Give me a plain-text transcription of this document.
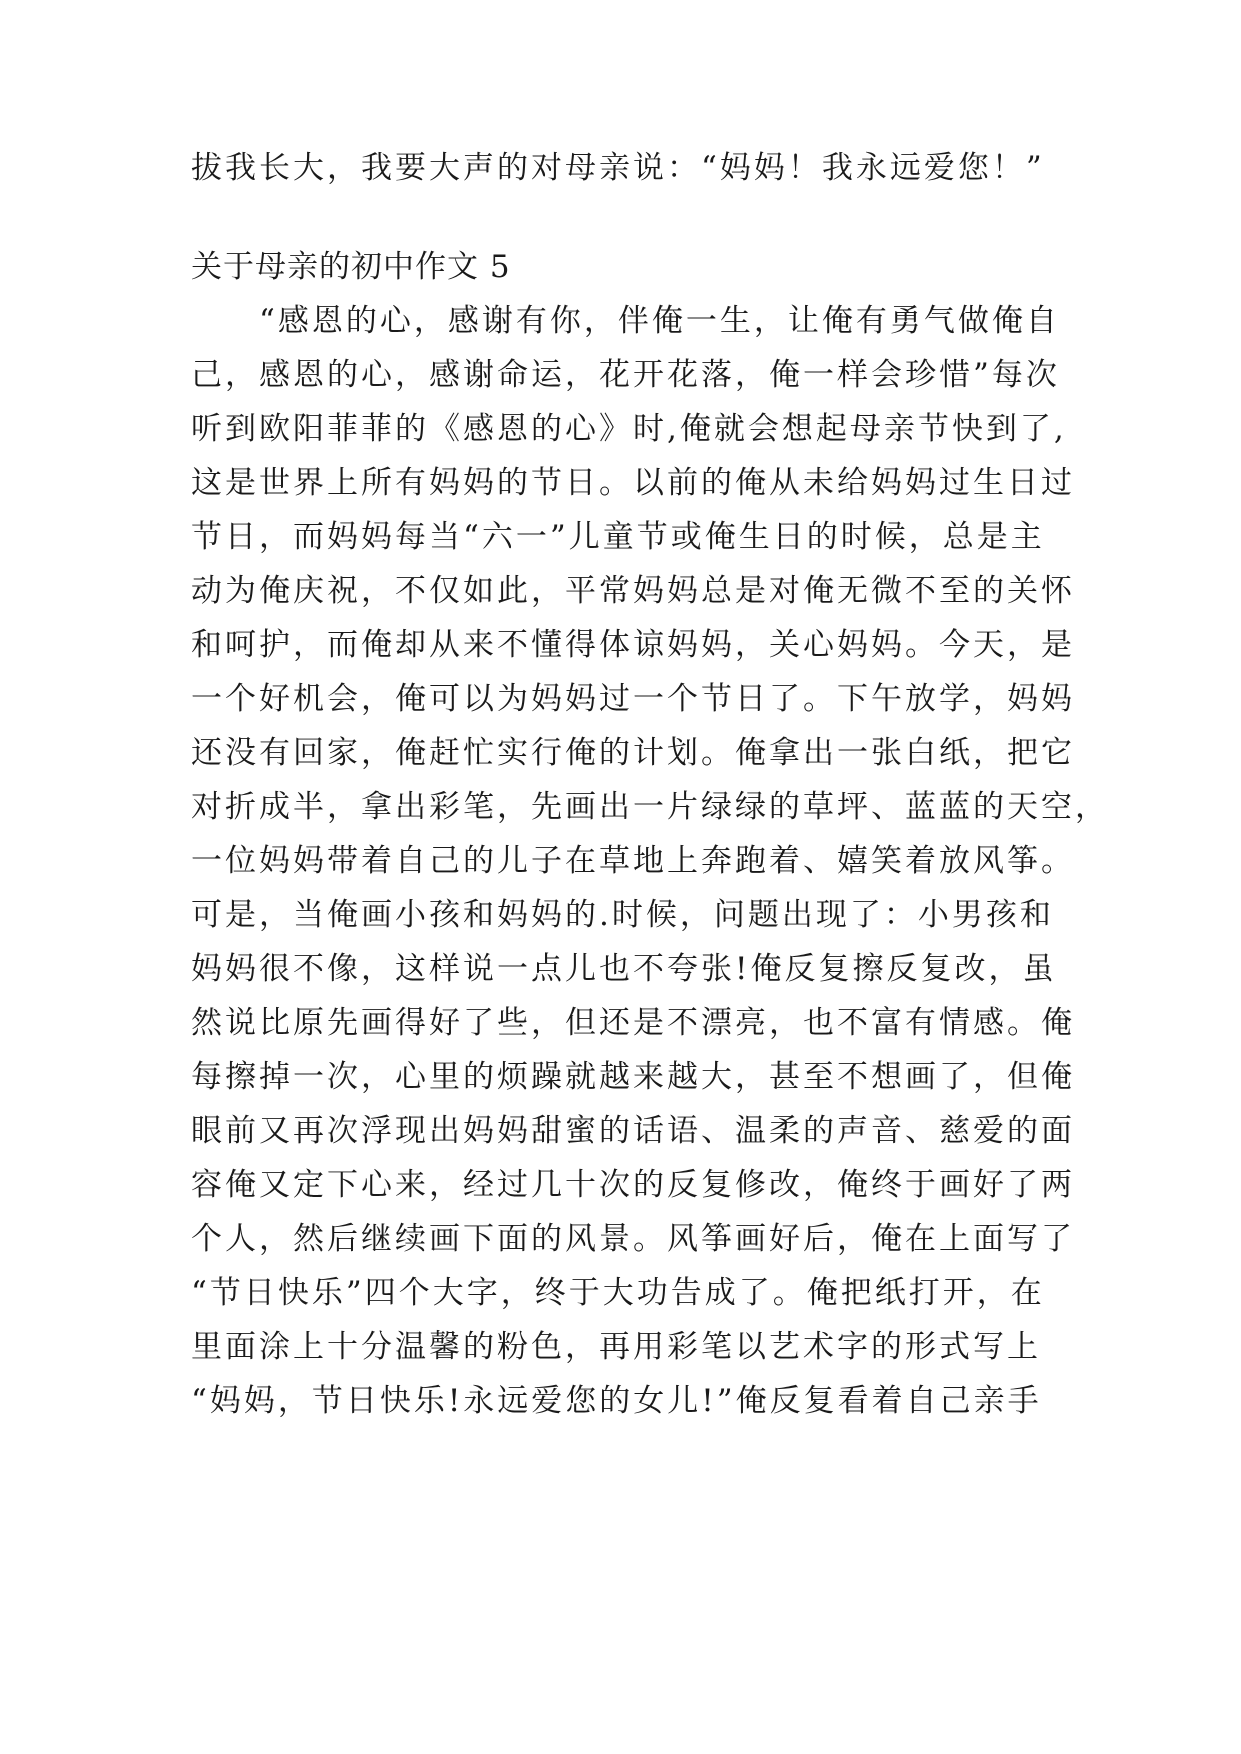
拔我长大，我要大声的对母亲说：“妈妈！我永远爱您！”
关于母亲的初中作文 5
　　“感恩的心，感谢有你，伴俺一生，让俺有勇气做俺自
己，感恩的心，感谢命运，花开花落，俺一样会珍惜”每次
听到欧阳菲菲的《感恩的心》时,俺就会想起母亲节快到了,
这是世界上所有妈妈的节日。以前的俺从未给妈妈过生日过
节日，而妈妈每当“六一”儿童节或俺生日的时候，总是主
动为俺庆祝，不仅如此，平常妈妈总是对俺无微不至的关怀
和呵护，而俺却从来不懂得体谅妈妈，关心妈妈。今天，是
一个好机会，俺可以为妈妈过一个节日了。下午放学，妈妈
还没有回家，俺赶忙实行俺的计划。俺拿出一张白纸，把它
对折成半，拿出彩笔，先画出一片绿绿的草坪、蓝蓝的天空，
一位妈妈带着自己的儿子在草地上奔跑着、嬉笑着放风筝。
可是，当俺画小孩和妈妈的.时候，问题出现了：小男孩和
妈妈很不像，这样说一点儿也不夸张!俺反复擦反复改，虽
然说比原先画得好了些，但还是不漂亮，也不富有情感。俺
每擦掉一次，心里的烦躁就越来越大，甚至不想画了，但俺
眼前又再次浮现出妈妈甜蜜的话语、温柔的声音、慈爱的面
容俺又定下心来，经过几十次的反复修改，俺终于画好了两
个人，然后继续画下面的风景。风筝画好后，俺在上面写了
“节日快乐”四个大字，终于大功告成了。俺把纸打开，在
里面涂上十分温馨的粉色，再用彩笔以艺术字的形式写上
“妈妈，节日快乐!永远爱您的女儿!”俺反复看着自己亲手
